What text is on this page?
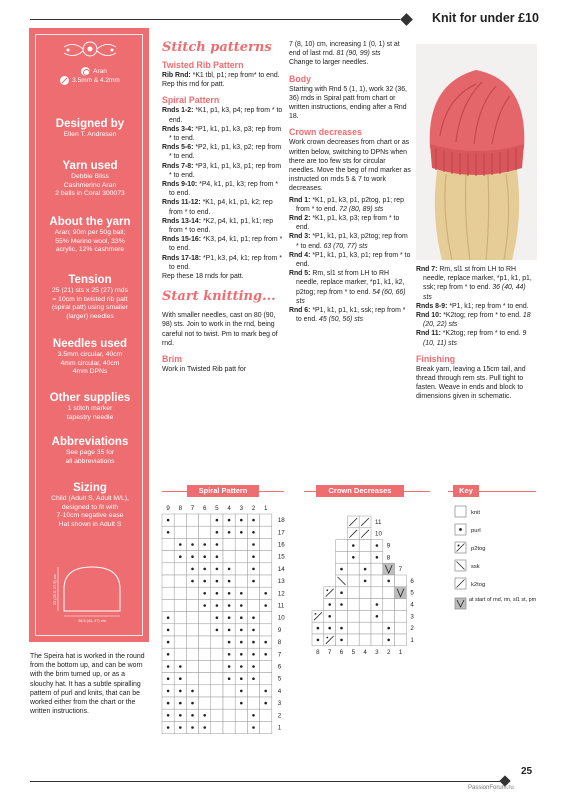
Knit for under £10
Aran
3.5mm & 4.2mm
Designed by
Ellen T. Andresen
Yarn used
Debbie Bliss
Cashmerino Aran
2 balls in Coral 300073
About the yarn
Aran; 90m per 50g ball;
55% Merino wool, 33%
acrylic, 12% cashmere
Tension
25 (21) sts x 25 (27) rnds
= 10cm in twisted rib patt
(spiral patt) using smaller
(larger) needles
Needles used
3.5mm circular, 40cm
4mm circular, 40cm
4mm DPNs
Other supplies
1 stitch marker
tapestry needle
Abbreviations
See page 35 for
all abbreviations
Sizing
Child (Adult S, Adult M/L),
designed to fit with
7-10cm negative ease
Hat shown in Adult S
23 (25.5, 27.5) cm
38.5 (43, 47) cm
The Speira hat is worked in the round from the bottom up, and can be worn with the brim turned up, or as a slouchy hat. It has a subtle spiralling pattern of purl and knits, that can be worked either from the chart or the written instructions.
Stitch patterns
Twisted Rib Pattern

Rib Rnd: *K1 tbl, p1; rep from* to end.

Rep this rnd for patt.

Spiral Pattern

Rnds 1-2: *K1, p1, k3, p4; rep from * to end.

Rnds 3-4: *P1, k1, p1, k3, p3; rep from * to end.

Rnds 5-6: *P2, k1, p1, k3, p2; rep from * to end.

Rnds 7-8: *P3, k1, p1, k3, p1; rep from * to end.

Rnds 9-10: *P4, k1, p1, k3; rep from * to end.

Rnds 11-12: *K1, p4, k1, p1, k2; rep from * to end.

Rnds 13-14: *K2, p4, k1, p1, k1; rep from * to end.

Rnds 15-16: *K3, p4, k1, p1; rep from * to end.

Rnds 17-18: *P1, k3, p4, k1; rep from * to end.

Rep these 18 rnds for patt.

Start knitting...

With smaller needles, cast on 80 (90, 98) sts. Join to work in the rnd, being careful not to twist. Pm to mark beg of rnd.

Brim

Work in Twisted Rib patt for

7 (8, 10) cm, increasing 1 (0, 1) st at end of last rnd. 81 (90, 99) sts

Change to larger needles.

Body

Starting with Rnd 5 (1, 1), work 32 (36, 36) rnds in Spiral patt from chart or written instructions, ending after a Rnd 18.

Crown decreases

Work crown decreases from chart or as written below, switching to DPNs when there are too few sts for circular needles. Move the beg of rnd marker as instructed on rnds 5 & 7 to work decreases.

Rnd 1: *K1, p1, k3, p1, p2tog, p1; rep from * to end. 72 (80, 89) sts

Rnd 2: *K1, p1, k3, p3; rep from * to end.

Rnd 3: *P1, k1, p1, k3, p2tog; rep from * to end. 63 (70, 77) sts

Rnd 4: *P1, k1, p1, k3, p1; rep from * to end.

Rnd 5: Rm, sl1 st from LH to RH needle, replace marker, *p1, k1, k2, p2tog; rep from * to end. 54 (60, 66) sts

Rnd 6: *P1, k1, p1, k1, ssk; rep from * to end. 45 (50, 56) sts

Rnd 7: Rm, sl1 st from LH to RH needle, replace marker, *p1, k1, p1, ssk; rep from * to end. 36 (40, 44) sts

Rnds 8-9: *P1, k1; rep from * to end.

Rnd 10: *K2tog; rep from * to end. 18 (20, 22) sts

Rnd 11: *K2tog; rep from * to end. 9 (10, 11) sts

Finishing

Break yarn, leaving a 15cm tail, and thread through rem sts. Pull tight to fasten. Weave in ends and block to dimensions given in schematic.

Spiral Pattern	Crown Decreases	Key
9 8 7 6 5 4 3 2 1
18
17
16
15
14
13
12
11
10
9
8
7
6
5
4
3
2
1
11
10
9
8
7
6
5
4
3
2
1
8 7 6 5 4 3 2 1
knit
purl
p2tog
ssk
k2tog
at start of rnd, rm, sl1 st, pm
25
PassionForum.ru
